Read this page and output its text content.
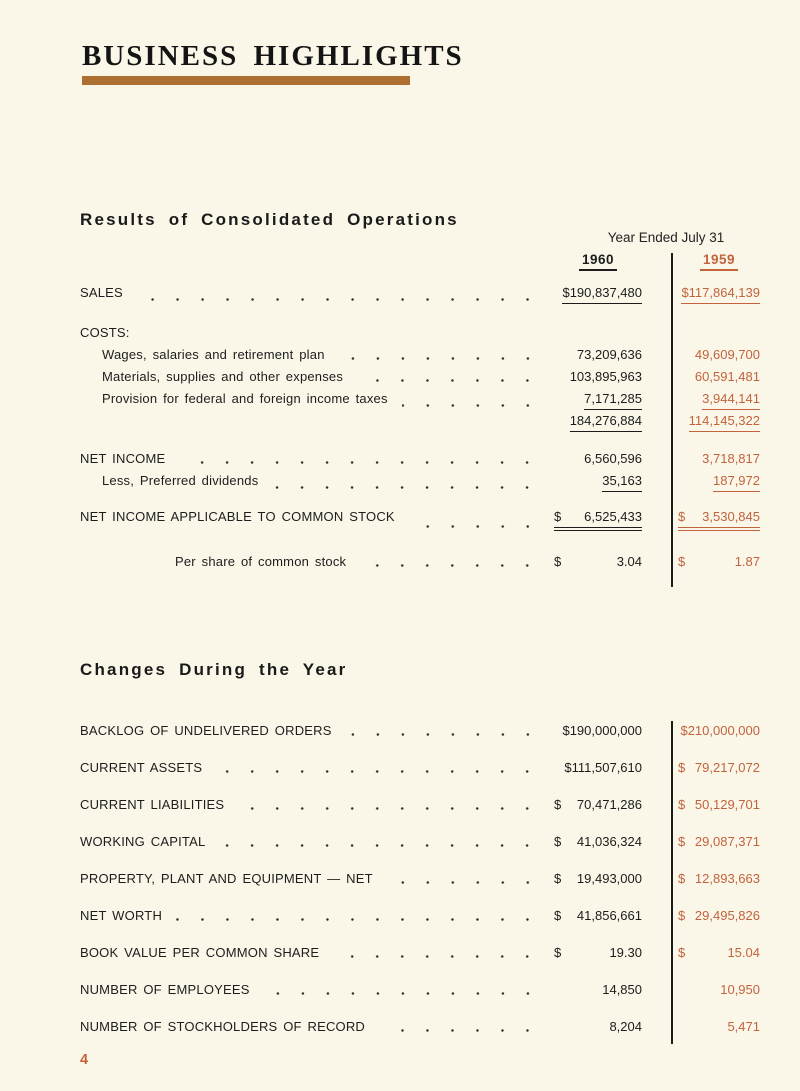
BUSINESS HIGHLIGHTS
Results of Consolidated Operations
Year Ended July 31
1960	1959
SALES	$190,837,480	$117,864,139
COSTS:
Wages, salaries and retirement plan	73,209,636	49,609,700
Materials, supplies and other expenses	103,895,963	60,591,481
Provision for federal and foreign income taxes	7,171,285	3,944,141
184,276,884	114,145,322
NET INCOME	6,560,596	3,718,817
Less, Preferred dividends	35,163	187,972
NET INCOME APPLICABLE TO COMMON STOCK	$ 6,525,433	$ 3,530,845
Per share of common stock	$	3.04	$	1.87
Changes During the Year
BACKLOG OF UNDELIVERED ORDERS	$190,000,000	$210,000,000
CURRENT ASSETS	$111,507,610	$ 79,217,072
CURRENT LIABILITIES	$ 70,471,286	$ 50,129,701
WORKING CAPITAL	$ 41,036,324	$ 29,087,371
PROPERTY, PLANT AND EQUIPMENT — NET	$ 19,493,000	$ 12,893,663
NET WORTH	$ 41,856,661	$ 29,495,826
BOOK VALUE PER COMMON SHARE	$	19.30	$	15.04
NUMBER OF EMPLOYEES	14,850	10,950
NUMBER OF STOCKHOLDERS OF RECORD	8,204	5,471
4
